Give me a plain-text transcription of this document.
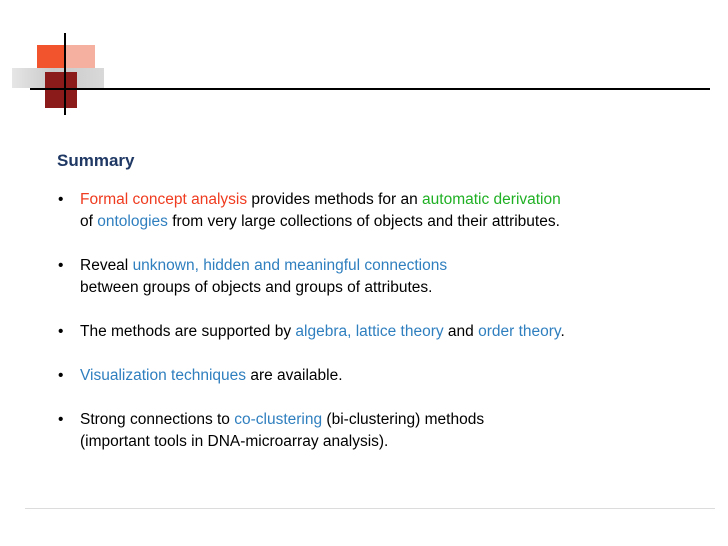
Summary
• Formal concept analysis provides methods for an automatic derivation
of ontologies from very large collections of objects and their attributes.
• Reveal unknown, hidden and meaningful connections
between groups of objects and groups of attributes.
• The methods are supported by algebra, lattice theory and order theory.
• Visualization techniques are available.
• Strong connections to co-clustering (bi-clustering) methods
(important tools in DNA-microarray analysis).
